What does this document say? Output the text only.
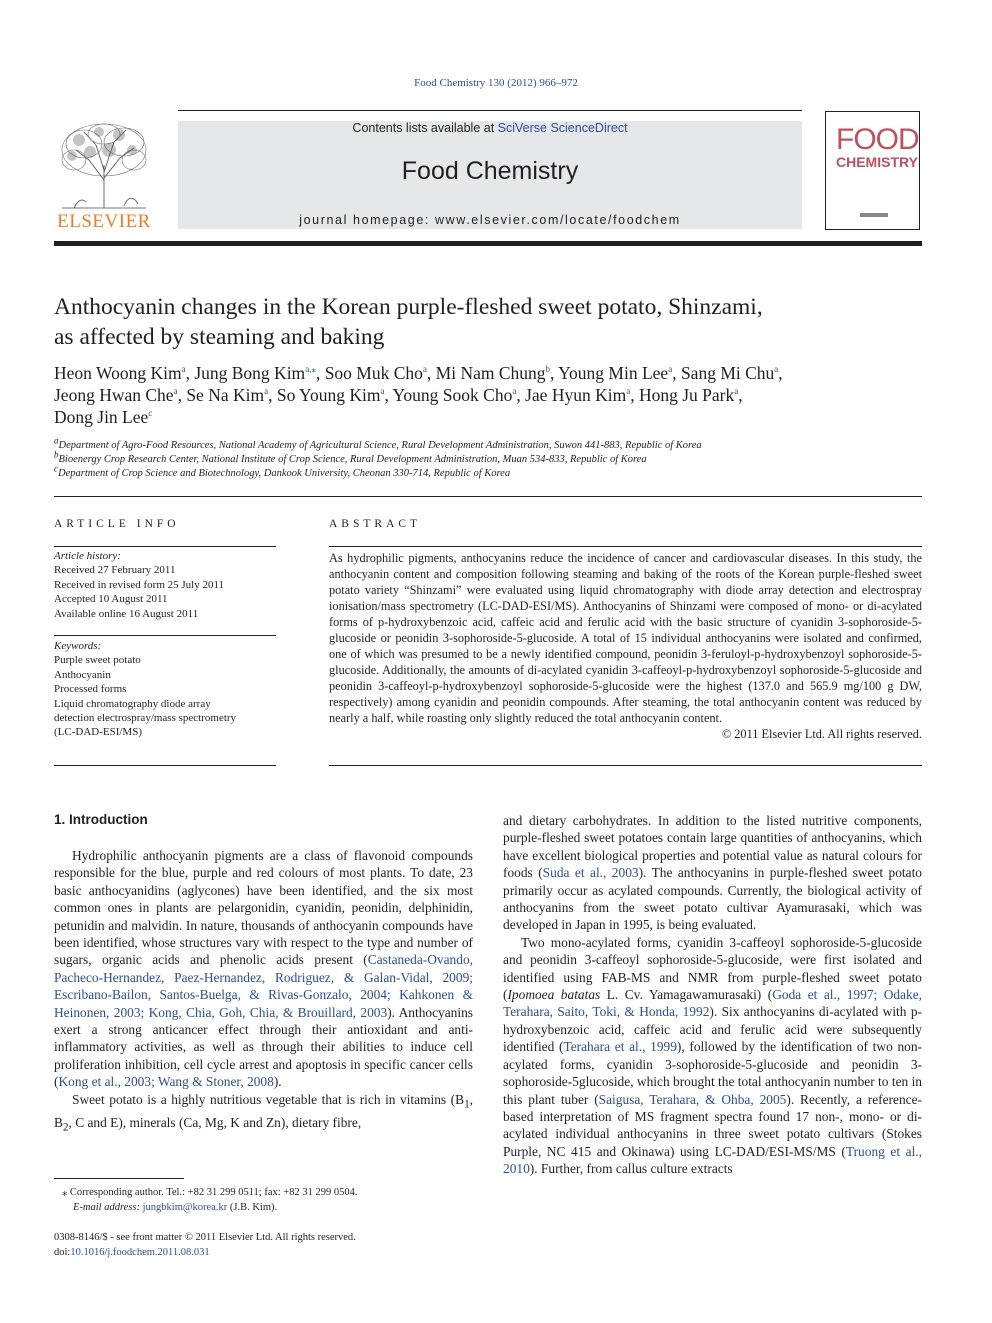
Food Chemistry 130 (2012) 966–972
ELSEVIER
Contents lists available at SciVerse ScienceDirect
Food Chemistry
journal homepage: www.elsevier.com/locate/foodchem
FOOD
CHEMISTRY
Anthocyanin changes in the Korean purple-fleshed sweet potato, Shinzami,
as affected by steaming and baking
Heon Woong Kim$^a$, Jung Bong Kim$^{a,⁎}$, Soo Muk Cho$^a$, Mi Nam Chung$^b$, Young Min Lee$^a$, Sang Mi Chu$^a$,
Jeong Hwan Che$^a$, Se Na Kim$^a$, So Young Kim$^a$, Young Sook Cho$^a$, Jae Hyun Kim$^a$, Hong Ju Park$^a$,
Dong Jin Lee$^c$
$^a$Department of Agro-Food Resources, National Academy of Agricultural Science, Rural Development Administration, Suwon 441-883, Republic of Korea
$^b$Bioenergy Crop Research Center, National Institute of Crop Science, Rural Development Administration, Muan 534-833, Republic of Korea
$^c$Department of Crop Science and Biotechnology, Dankook University, Cheonan 330-714, Republic of Korea
ARTICLE INFO
Article history:
Received 27 February 2011
Received in revised form 25 July 2011
Accepted 10 August 2011
Available online 16 August 2011
Keywords:
Purple sweet potato
Anthocyanin
Processed forms
Liquid chromatography diode array
detection electrospray/mass spectrometry
(LC-DAD-ESI/MS)
ABSTRACT

As hydrophilic pigments, anthocyanins reduce the incidence of cancer and cardiovascular diseases. In this study, the anthocyanin content and composition following steaming and baking of the roots of the Korean purple-fleshed sweet potato variety “Shinzami” were evaluated using liquid chromatography with diode array detection and electrospray ionisation/mass spectrometry (LC-DAD-ESI/MS). Anthocyanins of Shinzami were composed of mono- or di-acylated forms of p-hydroxybenzoic acid, caffeic acid and ferulic acid with the basic structure of cyanidin 3-sophoroside-5-glucoside or peonidin 3-sophoroside-5-glucoside. A total of 15 individual anthocyanins were isolated and confirmed, one of which was presumed to be a newly identified compound, peonidin 3-feruloyl-p-hydroxybenzoyl sophoroside-5-glucoside. Additionally, the amounts of di-acylated cyanidin 3-caffeoyl-p-hydroxybenzoyl sophoroside-5-glucoside and peonidin 3-caffeoyl-p-hydroxybenzoyl sophoroside-5-glucoside were the highest (137.0 and 565.9 mg/100 g DW, respectively) among cyanidin and peonidin compounds. After steaming, the total anthocyanin content was reduced by nearly a half, while roasting only slightly reduced the total anthocyanin content.

© 2011 Elsevier Ltd. All rights reserved.

1. Introduction

Hydrophilic anthocyanin pigments are a class of flavonoid compounds responsible for the blue, purple and red colours of most plants. To date, 23 basic anthocyanidins (aglycones) have been identified, and the six most common ones in plants are pelargonidin, cyanidin, peonidin, delphinidin, petunidin and malvidin. In nature, thousands of anthocyanin compounds have been identified, whose structures vary with respect to the type and number of sugars, organic acids and phenolic acids present (Castaneda-Ovando, Pacheco-Hernandez, Paez-Hernandez, Rodriguez, & Galan-Vidal, 2009; Escribano-Bailon, Santos-Buelga, & Rivas-Gonzalo, 2004; Kahkonen & Heinonen, 2003; Kong, Chia, Goh, Chia, & Brouillard, 2003). Anthocyanins exert a strong anticancer effect through their antioxidant and anti-inflammatory activities, as well as through their abilities to induce cell proliferation inhibition, cell cycle arrest and apoptosis in specific cancer cells (Kong et al., 2003; Wang & Stoner, 2008).

Sweet potato is a highly nutritious vegetable that is rich in vitamins ($B_1$, $B_2$, C and E), minerals (Ca, Mg, K and Zn), dietary fibre,

and dietary carbohydrates. In addition to the listed nutritive components, purple-fleshed sweet potatoes contain large quantities of anthocyanins, which have excellent biological properties and potential value as natural colours for foods (Suda et al., 2003). The anthocyanins in purple-fleshed sweet potato primarily occur as acylated compounds. Currently, the biological activity of anthocyanins from the sweet potato cultivar Ayamurasaki, which was developed in Japan in 1995, is being evaluated.

Two mono-acylated forms, cyanidin 3-caffeoyl sophoroside-5-glucoside and peonidin 3-caffeoyl sophoroside-5-glucoside, were first isolated and identified using FAB-MS and NMR from purple-fleshed sweet potato (Ipomoea batatas L. Cv. Yamagawamurasaki) (Goda et al., 1997; Odake, Terahara, Saito, Toki, & Honda, 1992). Six anthocyanins di-acylated with p-hydroxybenzoic acid, caffeic acid and ferulic acid were subsequently identified (Terahara et al., 1999), followed by the identification of two non-acylated forms, cyanidin 3-sophoroside-5-glucoside and peonidin 3-sophoroside-5glucoside, which brought the total anthocyanin number to ten in this plant tuber (Saigusa, Terahara, & Ohba, 2005). Recently, a reference-based interpretation of MS fragment spectra found 17 non-, mono- or di-acylated individual anthocyanins in three sweet potato cultivars (Stokes Purple, NC 415 and Okinawa) using LC-DAD/ESI-MS/MS (Truong et al., 2010). Further, from callus culture extracts

⁎ Corresponding author. Tel.: +82 31 299 0511; fax: +82 31 299 0504.
E-mail address: jungbkim@korea.kr (J.B. Kim).
0308-8146/$ - see front matter © 2011 Elsevier Ltd. All rights reserved.
doi:10.1016/j.foodchem.2011.08.031
